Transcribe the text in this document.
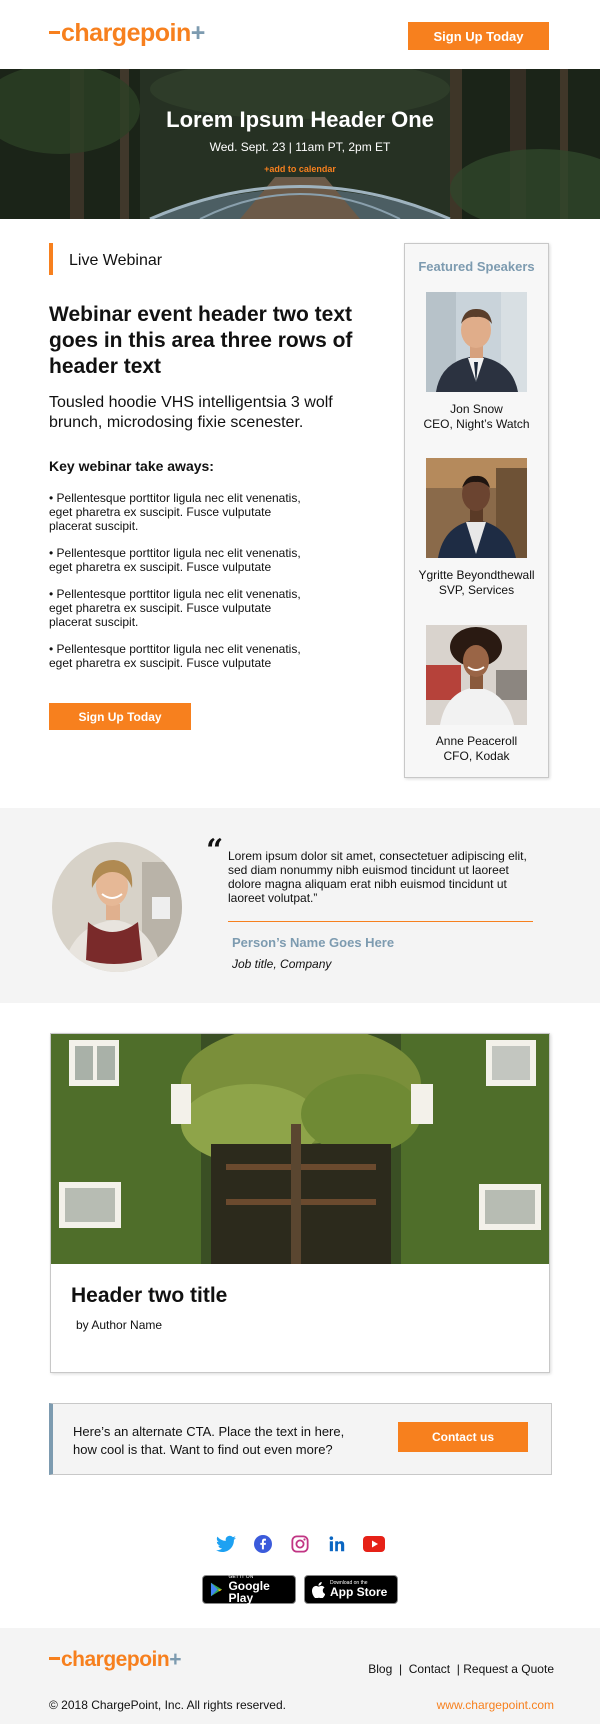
chargepoin+	Sign Up Today
Lorem Ipsum Header One
Wed. Sept. 23 | 11am PT, 2pm ET
+add to calendar
Live Webinar
Webinar event header two text goes in this area three rows of header text
Tousled hoodie VHS intelligentsia 3 wolf brunch, microdosing fixie scenester.
Key webinar take aways:
• Pellentesque porttitor ligula nec elit venenatis, eget pharetra ex suscipit. Fusce vulputate placerat suscipit.
• Pellentesque porttitor ligula nec elit venenatis, eget pharetra ex suscipit. Fusce vulputate
• Pellentesque porttitor ligula nec elit venenatis, eget pharetra ex suscipit. Fusce vulputate placerat suscipit.
• Pellentesque porttitor ligula nec elit venenatis, eget pharetra ex suscipit. Fusce vulputate
Sign Up Today
Featured Speakers
Jon Snow
CEO, Night’s Watch
Ygritte Beyondthewall
SVP, Services
Anne Peaceroll
CFO, Kodak
“ Lorem ipsum dolor sit amet, consectetuer adipiscing elit, sed diam nonummy nibh euismod tincidunt ut laoreet dolore magna aliquam erat nibh euismod tincidunt ut laoreet volutpat.”
Person’s Name Goes Here
Job title, Company
Header two title
by Author Name
Here’s an alternate CTA. Place the text in here, how cool is that. Want to find out even more?
Contact us
GET IT ON
Google Play
Download on the
App Store
chargepoin+	Blog | Contact | Request a Quote
© 2018 ChargePoint, Inc. All rights reserved.	www.chargepoint.com
